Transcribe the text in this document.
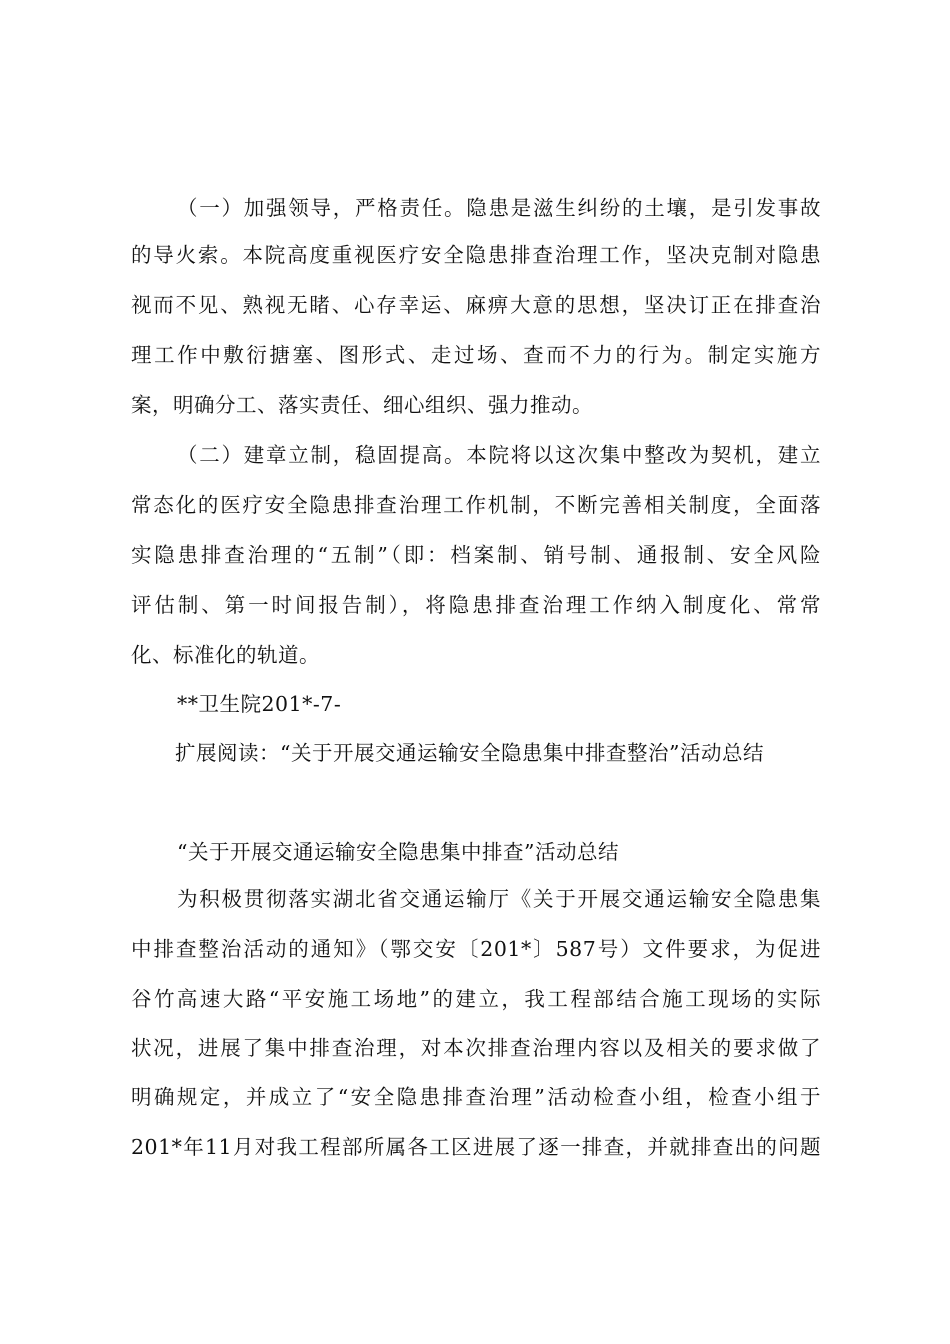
（一）加强领导，严格责任。隐患是滋生纠纷的土壤，是引发事故
的导火索。本院高度重视医疗安全隐患排查治理工作，坚决克制对隐患
视而不见、熟视无睹、心存幸运、麻痹大意的思想，坚决订正在排查治
理工作中敷衍搪塞、图形式、走过场、查而不力的行为。制定实施方
案，明确分工、落实责任、细心组织、强力推动。
（二）建章立制，稳固提高。本院将以这次集中整改为契机，建立
常态化的医疗安全隐患排查治理工作机制，不断完善相关制度，全面落
实隐患排查治理的“五制”（即：档案制、销号制、通报制、安全风险
评估制、第一时间报告制），将隐患排查治理工作纳入制度化、常常
化、标准化的轨道。
**卫生院201*-7-
扩展阅读：“关于开展交通运输安全隐患集中排查整治”活动总结
“关于开展交通运输安全隐患集中排查”活动总结
为积极贯彻落实湖北省交通运输厅《关于开展交通运输安全隐患集
中排查整治活动的通知》（鄂交安〔201*〕587号）文件要求，为促进
谷竹高速大路“平安施工场地”的建立，我工程部结合施工现场的实际
状况，进展了集中排查治理，对本次排查治理内容以及相关的要求做了
明确规定，并成立了“安全隐患排查治理”活动检查小组，检查小组于
201*年11月对我工程部所属各工区进展了逐一排查，并就排查出的问题
